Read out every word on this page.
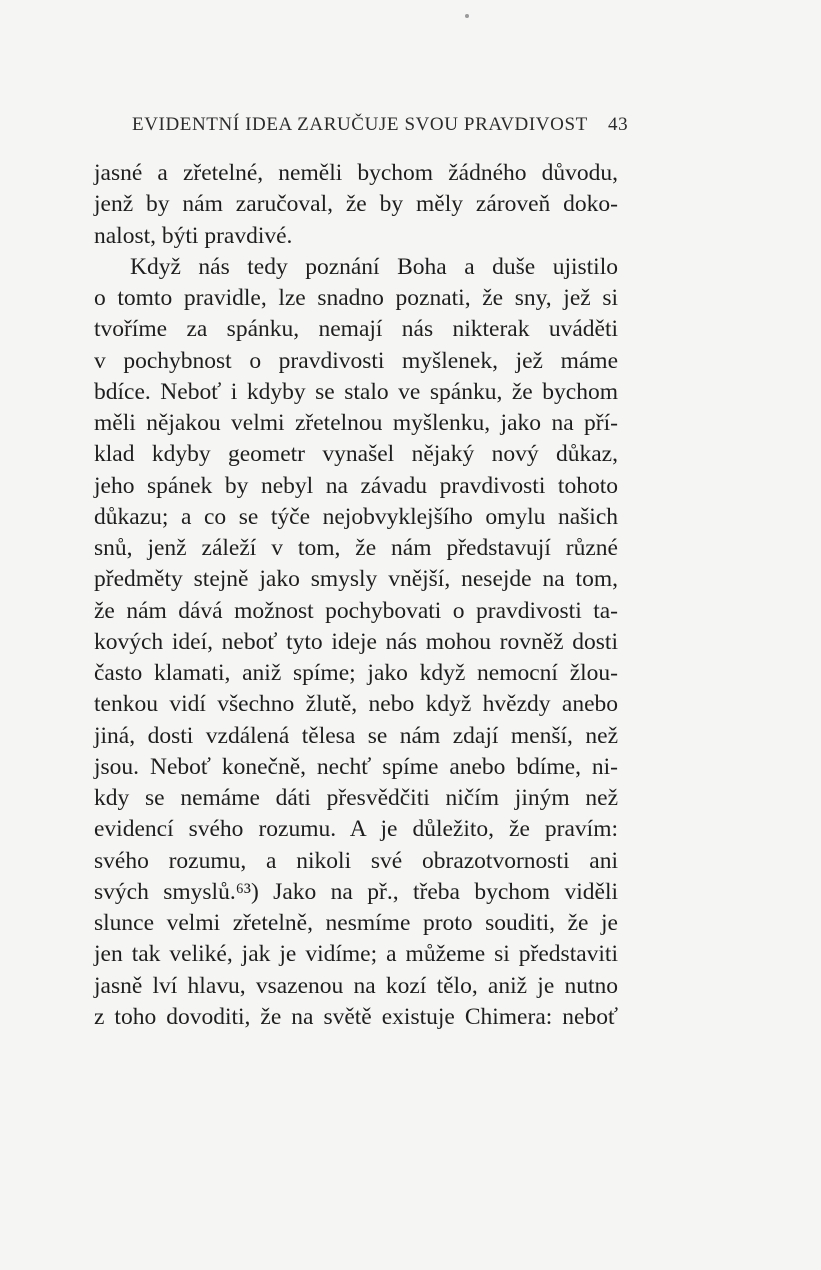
EVIDENTNÍ IDEA ZARUČUJE SVOU PRAVDIVOST 43
jasné a zřetelné, neměli bychom žádného důvodu,
jenž by nám zaručoval, že by měly zároveň doko-
nalost, býti pravdivé.
Když nás tedy poznání Boha a duše ujistilo
o tomto pravidle, lze snadno poznati, že sny, jež si
tvoříme za spánku, nemají nás nikterak uváděti
v pochybnost o pravdivosti myšlenek, jež máme
bdíce. Neboť i kdyby se stalo ve spánku, že bychom
měli nějakou velmi zřetelnou myšlenku, jako na pří-
klad kdyby geometr vynašel nějaký nový důkaz,
jeho spánek by nebyl na závadu pravdivosti tohoto
důkazu; a co se týče nejobvyklejšího omylu našich
snů, jenž záleží v tom, že nám představují různé
předměty stejně jako smysly vnější, nesejde na tom,
že nám dává možnost pochybovati o pravdivosti ta-
kových ideí, neboť tyto ideje nás mohou rovněž dosti
často klamati, aniž spíme; jako když nemocní žlou-
tenkou vidí všechno žlutě, nebo když hvězdy anebo
jiná, dosti vzdálená tělesa se nám zdají menší, než
jsou. Neboť konečně, nechť spíme anebo bdíme, ni-
kdy se nemáme dáti přesvědčiti ničím jiným než
evidencí svého rozumu. A je důležito, že pravím:
svého rozumu, a nikoli své obrazotvornosti ani
svých smyslů.⁶³) Jako na př., třeba bychom viděli
slunce velmi zřetelně, nesmíme proto souditi, že je
jen tak veliké, jak je vidíme; a můžeme si představiti
jasně lví hlavu, vsazenou na kozí tělo, aniž je nutno
z toho dovoditi, že na světě existuje Chimera: neboť
